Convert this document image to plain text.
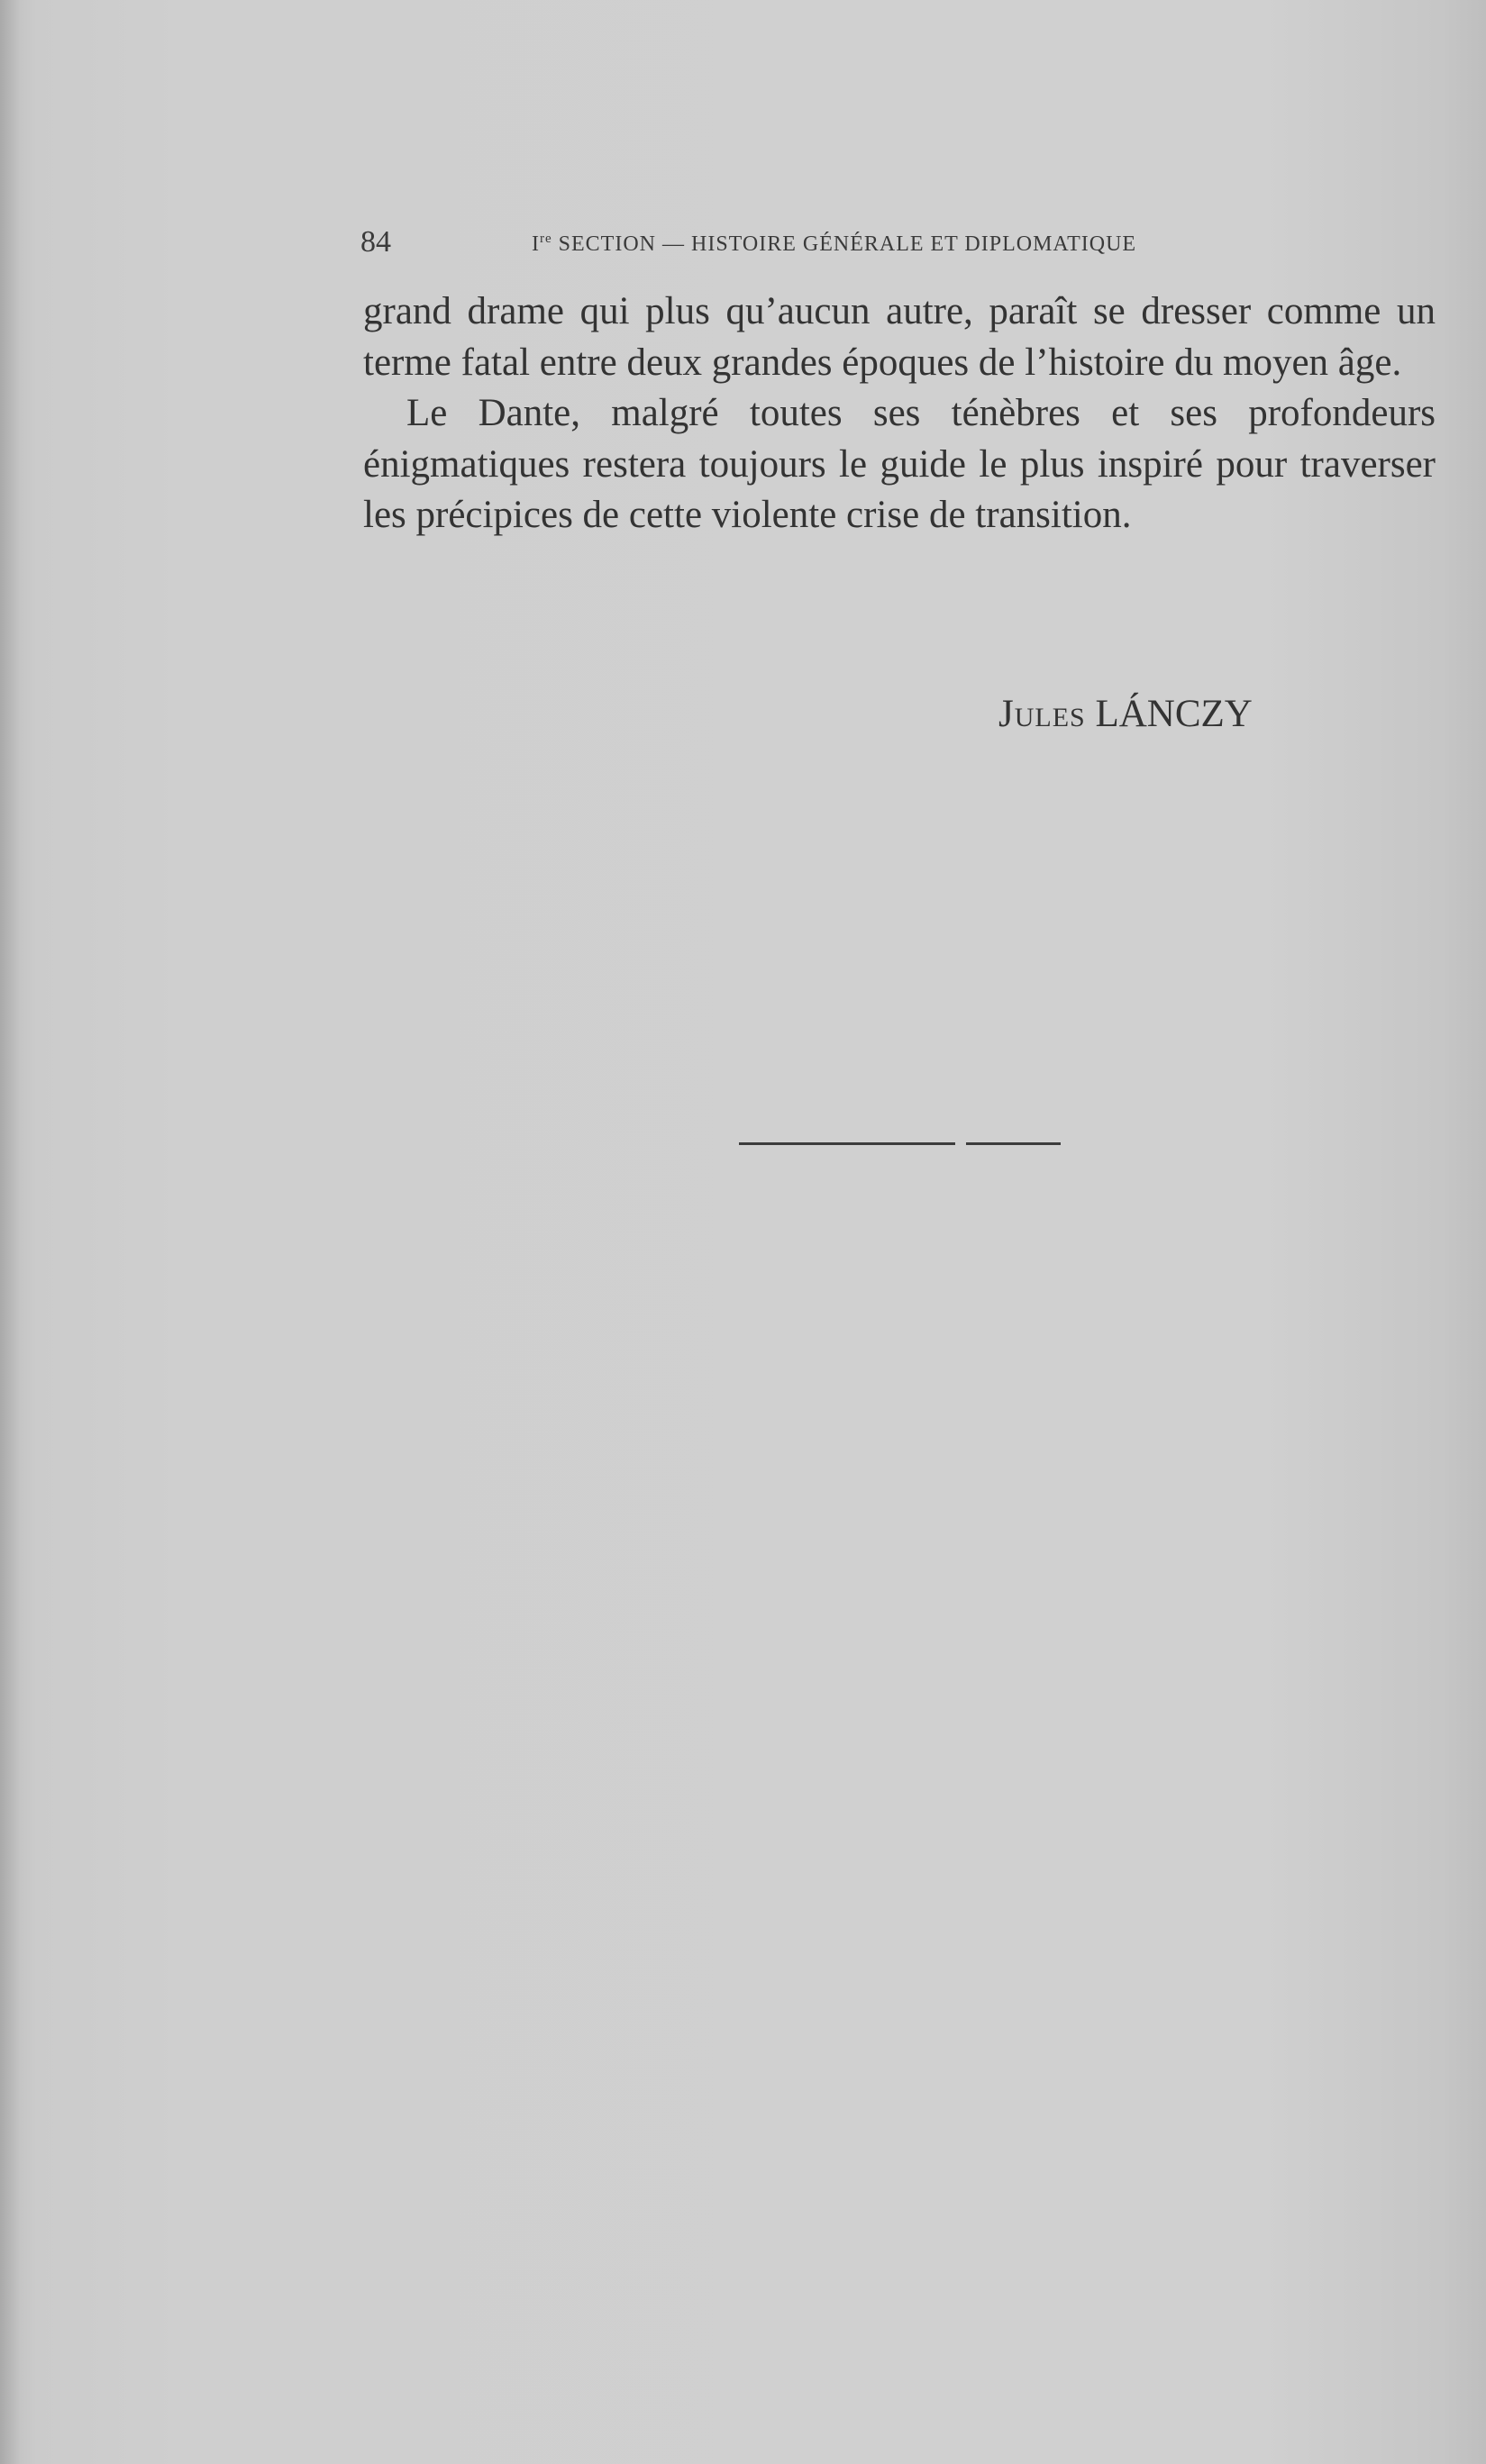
84	Ire SECTION — HISTOIRE GÉNÉRALE ET DIPLOMATIQUE

grand drame qui plus qu’aucun autre, paraît se dresser comme un terme fatal entre deux grandes époques de l’histoire du moyen âge.

Le Dante, malgré toutes ses ténèbres et ses profondeurs énigmatiques restera toujours le guide le plus inspiré pour traverser les précipices de cette violente crise de transition.

Jules LÁNCZY
